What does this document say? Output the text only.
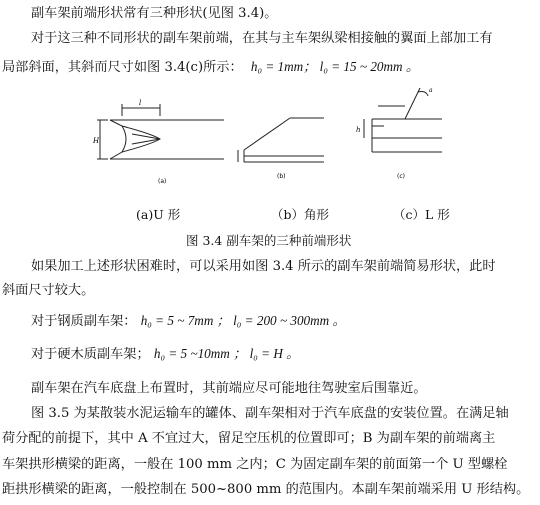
副车架前端形状常有三种形状(见图 3.4)。
对于这三种不同形状的副车架前端，在其与主车架纵梁相接触的翼面上部加工有
局部斜面，其斜而尺寸如图 3.4(c)所示： h₀ = 1mm； l₀ = 15 ~ 20mm 。
(a)
(b)	(c)
H
l
h
a
(a)U 形	（b）角形	（c）L 形
图 3.4 副车架的三种前端形状
如果加工上述形状困难时，可以采用如图 3.4 所示的副车架前端简易形状，此时
斜面尺寸较大。
对于钢质副车架： h₀ = 5 ~ 7mm ； l₀ = 200 ~ 300mm 。
对于硬木质副车架； h₀ = 5 ~10mm ； l₀ = H 。
副车架在汽车底盘上布置时，其前端应尽可能地往驾驶室后围靠近。
图 3.5 为某散装水泥运输车的罐体、副车架相对于汽车底盘的安装位置。在满足轴
荷分配的前提下，其中 A 不宜过大，留足空压机的位置即可；B 为副车架的前端离主
车架拱形横梁的距离，一般在 100 mm 之内；C 为固定副车架的前面第一个 U 型螺栓
距拱形横梁的距离，一般控制在 500~800 mm 的范围内。本副车架前端采用 U 形结构。
